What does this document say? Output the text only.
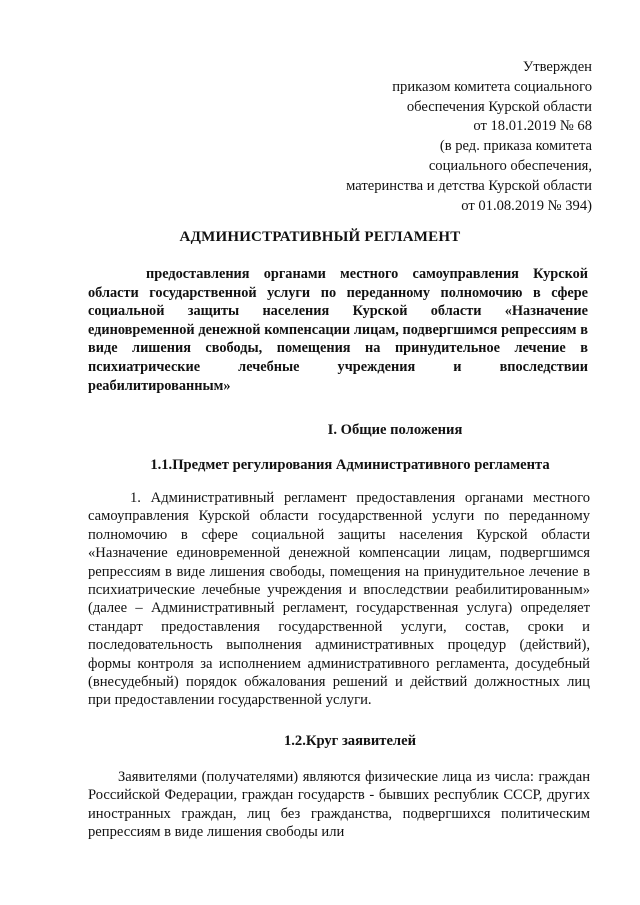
Утвержден
приказом комитета социального
обеспечения Курской области
от 18.01.2019 № 68
(в ред. приказа комитета
социального обеспечения,
материнства и детства Курской области
от 01.08.2019 № 394)
АДМИНИСТРАТИВНЫЙ РЕГЛАМЕНТ
предоставления органами местного самоуправления Курской области государственной услуги по переданному полномочию в сфере социальной защиты населения Курской области «Назначение единовременной денежной компенсации лицам, подвергшимся репрессиям в виде лишения свободы, помещения на принудительное лечение в психиатрические лечебные учреждения и впоследствии реабилитированным»
I. Общие положения
1.1.Предмет регулирования Административного регламента
1. Административный регламент предоставления органами местного самоуправления Курской области государственной услуги по переданному полномочию в сфере социальной защиты населения Курской области «Назначение единовременной денежной компенсации лицам, подвергшимся репрессиям в виде лишения свободы, помещения на принудительное лечение в психиатрические лечебные учреждения и впоследствии реабилитированным» (далее – Административный регламент, государственная услуга) определяет стандарт предоставления государственной услуги, состав, сроки и последовательность выполнения административных процедур (действий), формы контроля за исполнением административного регламента, досудебный (внесудебный) порядок обжалования решений и действий должностных лиц при предоставлении государственной услуги.
1.2.Круг заявителей
Заявителями (получателями) являются физические лица из числа: граждан Российской Федерации, граждан государств - бывших республик СССР, других иностранных граждан, лиц без гражданства, подвергшихся политическим репрессиям в виде лишения свободы или
